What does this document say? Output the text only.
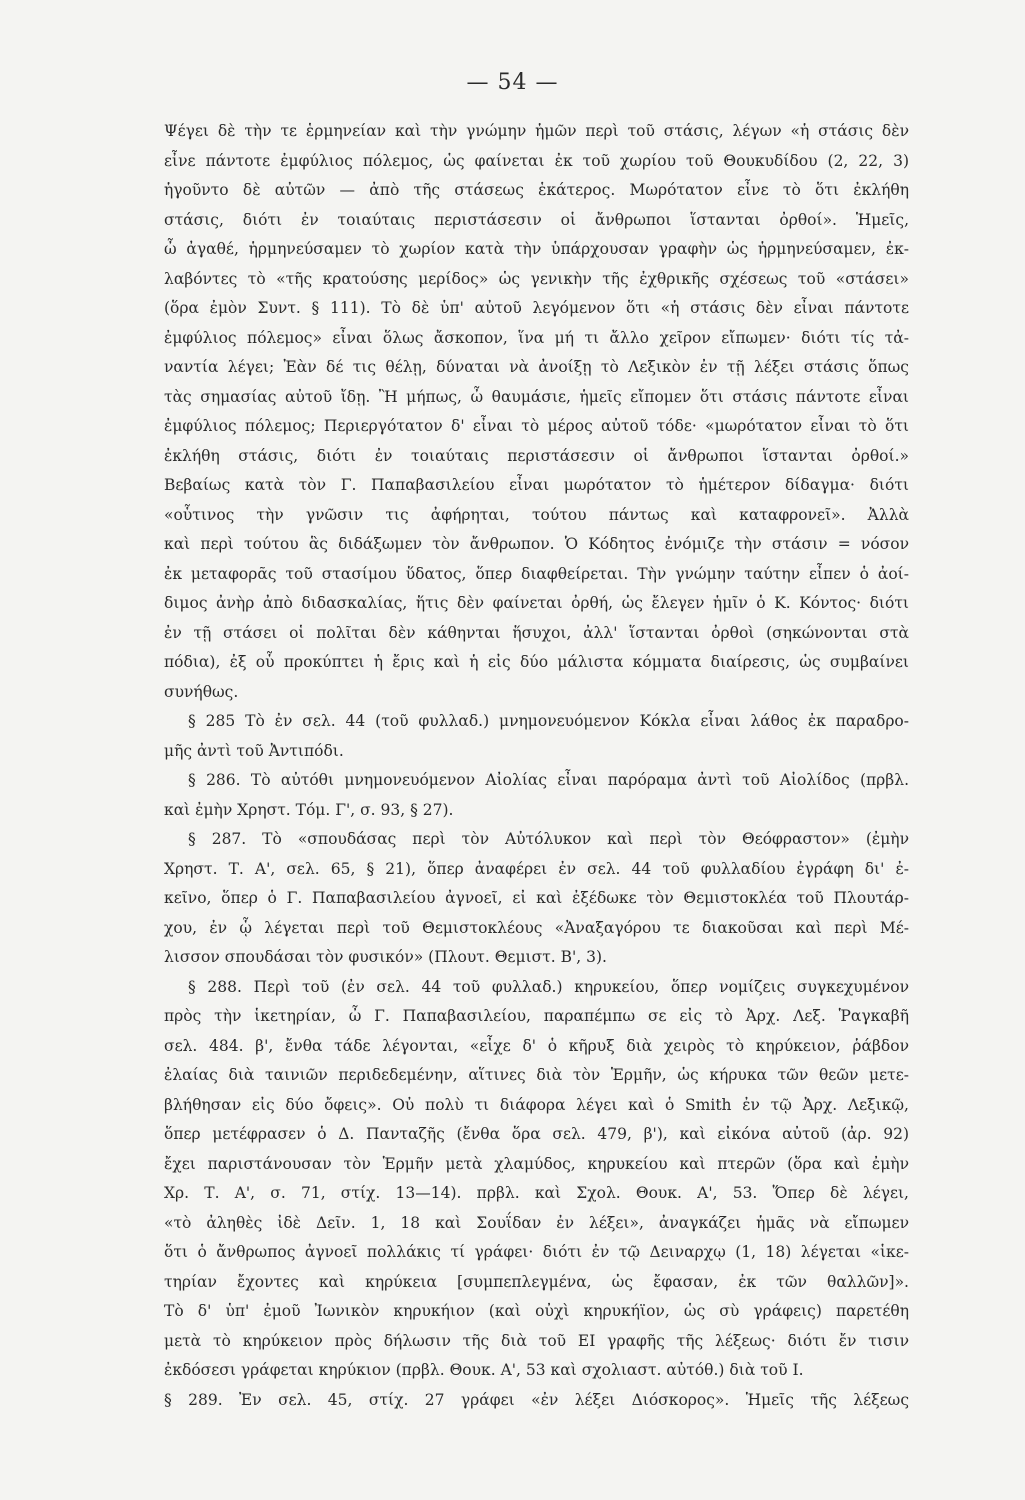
— 54 —
Ψέγει δὲ τὴν τε ἑρμηνείαν καὶ τὴν γνώμην ἡμῶν περὶ τοῦ στάσις, λέγων «ἡ στάσις δὲν
εἶνε πάντοτε ἐμφύλιος πόλεμος, ὡς φαίνεται ἐκ τοῦ χωρίου τοῦ Θουκυδίδου (2, 22, 3)
ἡγοῦντο δὲ αὐτῶν — ἀπὸ τῆς στάσεως ἑκάτερος. Μωρότατον εἶνε τὸ ὅτι ἐκλήθη
στάσις, διότι ἐν τοιαύταις περιστάσεσιν οἱ ἄνθρωποι ἵστανται ὀρθοί». Ἡμεῖς,
ὦ ἀγαθέ, ἡρμηνεύσαμεν τὸ χωρίον κατὰ τὴν ὑπάρχουσαν γραφὴν ὡς ἡρμηνεύσαμεν, ἐκ-
λαβόντες τὸ «τῆς κρατούσης μερίδος» ὡς γενικὴν τῆς ἐχθρικῆς σχέσεως τοῦ «στάσει»
(ὅρα ἐμὸν Συντ. § 111). Τὸ δὲ ὑπ' αὐτοῦ λεγόμενον ὅτι «ἡ στάσις δὲν εἶναι πάντοτε
ἐμφύλιος πόλεμος» εἶναι ὅλως ἄσκοπον, ἵνα μή τι ἄλλο χεῖρον εἴπωμεν· διότι τίς τἀ-
ναντία λέγει; Ἐὰν δέ τις θέλῃ, δύναται νὰ ἀνοίξῃ τὸ Λεξικὸν ἐν τῇ λέξει στάσις ὅπως
τὰς σημασίας αὐτοῦ ἴδῃ. Ἢ μήπως, ὦ θαυμάσιε, ἡμεῖς εἴπομεν ὅτι στάσις πάντοτε εἶναι
ἐμφύλιος πόλεμος; Περιεργότατον δ' εἶναι τὸ μέρος αὐτοῦ τόδε· «μωρότατον εἶναι τὸ ὅτι
ἐκλήθη στάσις, διότι ἐν τοιαύταις περιστάσεσιν οἱ ἄνθρωποι ἵστανται ὀρθοί.»
Βεβαίως κατὰ τὸν Γ. Παπαβασιλείου εἶναι μωρότατον τὸ ἡμέτερον δίδαγμα· διότι
«οὗτινος τὴν γνῶσιν τις ἀφήρηται, τούτου πάντως καὶ καταφρονεῖ». Ἀλλὰ
καὶ περὶ τούτου ἃς διδάξωμεν τὸν ἄνθρωπον. Ὁ Κόδητος ἐνόμιζε τὴν στάσιν = νόσον
ἐκ μεταφορᾶς τοῦ στασίμου ὕδατος, ὅπερ διαφθείρεται. Τὴν γνώμην ταύτην εἶπεν ὁ ἀοί-
διμος ἀνὴρ ἀπὸ διδασκαλίας, ἥτις δὲν φαίνεται ὀρθή, ὡς ἔλεγεν ἡμῖν ὁ Κ. Κόντος· διότι
ἐν τῇ στάσει οἱ πολῖται δὲν κάθηνται ἥσυχοι, ἀλλ' ἵστανται ὀρθοὶ (σηκώνονται στὰ
πόδια), ἐξ οὗ προκύπτει ἡ ἔρις καὶ ἡ εἰς δύο μάλιστα κόμματα διαίρεσις, ὡς συμβαίνει
συνήθως.
§ 285 Τὸ ἐν σελ. 44 (τοῦ φυλλαδ.) μνημονευόμενον Κόκλα εἶναι λάθος ἐκ παραδρο-
μῆς ἀντὶ τοῦ Ἀντιπόδι.
§ 286. Τὸ αὐτόθι μνημονευόμενον Αἰολίας εἶναι παρόραμα ἀντὶ τοῦ Αἰολίδος (πρβλ.
καὶ ἐμὴν Χρηστ. Τόμ. Γ', σ. 93, § 27).
§ 287. Τὸ «σπουδάσας περὶ τὸν Αὐτόλυκον καὶ περὶ τὸν Θεόφραστον» (ἐμὴν
Χρηστ. Τ. Α', σελ. 65, § 21), ὅπερ ἀναφέρει ἐν σελ. 44 τοῦ φυλλαδίου ἐγράφη δι' ἐ-
κεῖνο, ὅπερ ὁ Γ. Παπαβασιλείου ἀγνοεῖ, εἰ καὶ ἐξέδωκε τὸν Θεμιστοκλέα τοῦ Πλουτάρ-
χου, ἐν ᾧ λέγεται περὶ τοῦ Θεμιστοκλέους «Ἀναξαγόρου τε διακοῦσαι καὶ περὶ Μέ-
λισσον σπουδάσαι τὸν φυσικόν» (Πλουτ. Θεμιστ. Β', 3).
§ 288. Περὶ τοῦ (ἐν σελ. 44 τοῦ φυλλαδ.) κηρυκείου, ὅπερ νομίζεις συγκεχυμένον
πρὸς τὴν ἱκετηρίαν, ὦ Γ. Παπαβασιλείου, παραπέμπω σε εἰς τὸ Ἀρχ. Λεξ. Ῥαγκαβῆ
σελ. 484. β', ἔνθα τάδε λέγονται, «εἶχε δ' ὁ κῆρυξ διὰ χειρὸς τὸ κηρύκειον, ῥάβδον
ἐλαίας διὰ ταινιῶν περιδεδεμένην, αἵτινες διὰ τὸν Ἑρμῆν, ὡς κήρυκα τῶν θεῶν μετε-
βλήθησαν εἰς δύο ὄφεις». Οὐ πολὺ τι διάφορα λέγει καὶ ὁ Smith ἐν τῷ Ἀρχ. Λεξικῷ,
ὅπερ μετέφρασεν ὁ Δ. Πανταζῆς (ἔνθα ὅρα σελ. 479, β'), καὶ εἰκόνα αὐτοῦ (ἀρ. 92)
ἔχει παριστάνουσαν τὸν Ἑρμῆν μετὰ χλαμύδος, κηρυκείου καὶ πτερῶν (ὅρα καὶ ἐμὴν
Χρ. Τ. Α', σ. 71, στίχ. 13—14). πρβλ. καὶ Σχολ. Θουκ. Α', 53. Ὅπερ δὲ λέγει,
«τὸ ἀληθὲς ἰδὲ Δεῖν. 1, 18 καὶ Σουΐδαν ἐν λέξει», ἀναγκάζει ἡμᾶς νὰ εἴπωμεν
ὅτι ὁ ἄνθρωπος ἀγνοεῖ πολλάκις τί γράφει· διότι ἐν τῷ Δειναρχῳ (1, 18) λέγεται «ἱκε-
τηρίαν ἔχοντες καὶ κηρύκεια [συμπεπλεγμένα, ὡς ἔφασαν, ἐκ τῶν θαλλῶν]».
Τὸ δ' ὑπ' ἐμοῦ Ἰωνικὸν κηρυκήιον (καὶ οὐχὶ κηρυκήϊον, ὡς σὺ γράφεις) παρετέθη
μετὰ τὸ κηρύκειον πρὸς δήλωσιν τῆς διὰ τοῦ ΕΙ γραφῆς τῆς λέξεως· διότι ἔν τισιν
ἐκδόσεσι γράφεται κηρύκιον (πρβλ. Θουκ. Α', 53 καὶ σχολιαστ. αὐτόθ.) διὰ τοῦ Ι.
§ 289. Ἐν σελ. 45, στίχ. 27 γράφει «ἐν λέξει Διόσκορος». Ἡμεῖς τῆς λέξεως
